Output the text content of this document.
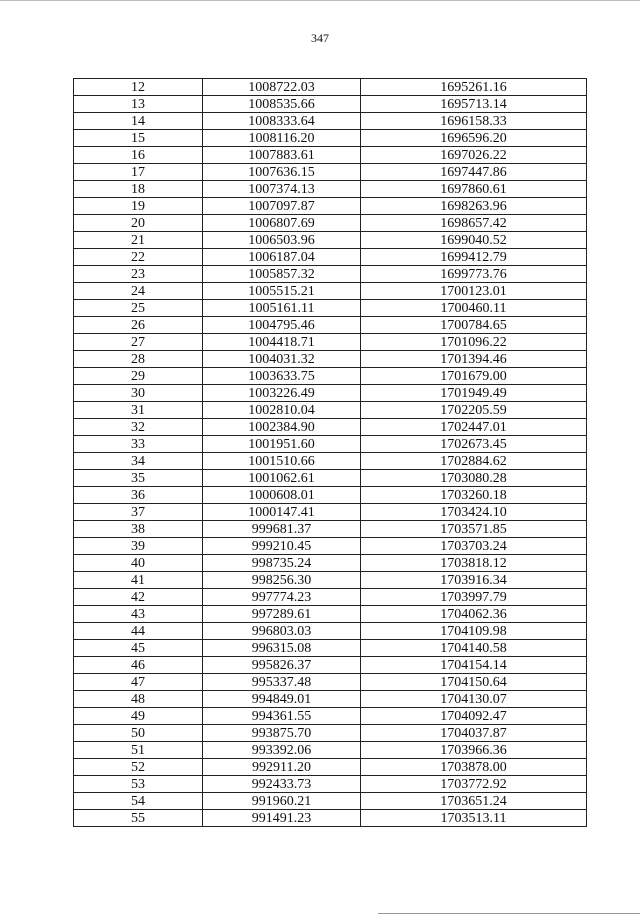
347
12	1008722.03	1695261.16
13	1008535.66	1695713.14
14	1008333.64	1696158.33
15	1008116.20	1696596.20
16	1007883.61	1697026.22
17	1007636.15	1697447.86
18	1007374.13	1697860.61
19	1007097.87	1698263.96
20	1006807.69	1698657.42
21	1006503.96	1699040.52
22	1006187.04	1699412.79
23	1005857.32	1699773.76
24	1005515.21	1700123.01
25	1005161.11	1700460.11
26	1004795.46	1700784.65
27	1004418.71	1701096.22
28	1004031.32	1701394.46
29	1003633.75	1701679.00
30	1003226.49	1701949.49
31	1002810.04	1702205.59
32	1002384.90	1702447.01
33	1001951.60	1702673.45
34	1001510.66	1702884.62
35	1001062.61	1703080.28
36	1000608.01	1703260.18
37	1000147.41	1703424.10
38	999681.37	1703571.85
39	999210.45	1703703.24
40	998735.24	1703818.12
41	998256.30	1703916.34
42	997774.23	1703997.79
43	997289.61	1704062.36
44	996803.03	1704109.98
45	996315.08	1704140.58
46	995826.37	1704154.14
47	995337.48	1704150.64
48	994849.01	1704130.07
49	994361.55	1704092.47
50	993875.70	1704037.87
51	993392.06	1703966.36
52	992911.20	1703878.00
53	992433.73	1703772.92
54	991960.21	1703651.24
55	991491.23	1703513.11
